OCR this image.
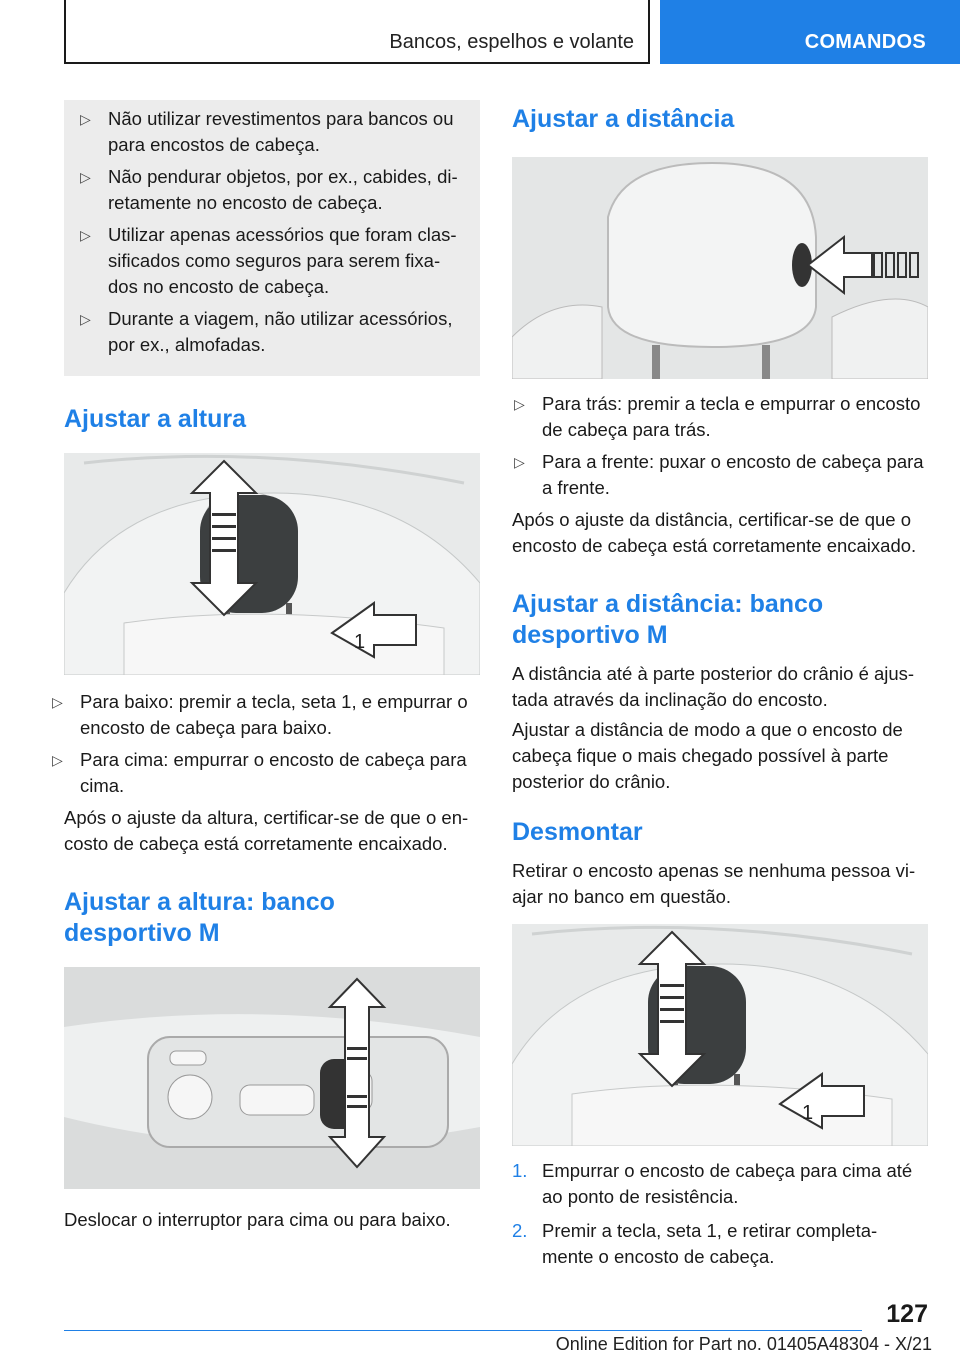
Bancos, espelhos e volante	COMANDOS
▷ Não utilizar revestimentos para bancos ou para encostos de cabeça.
▷ Não pendurar objetos, por ex., cabides, di-retamente no encosto de cabeça.
▷ Utilizar apenas acessórios que foram clas-sificados como seguros para serem fixa-dos no encosto de cabeça.
▷ Durante a viagem, não utilizar acessórios, por ex., almofadas.
Ajustar a altura
1
▷ Para baixo: premir a tecla, seta 1, e empurrar o encosto de cabeça para baixo.
▷ Para cima: empurrar o encosto de cabeça para cima.

Após o ajuste da altura, certificar-se de que o en-costo de cabeça está corretamente encaixado.

Ajustar a altura: banco desportivo M

Deslocar o interruptor para cima ou para baixo.

Ajustar a distância
▷ Para trás: premir a tecla e empurrar o encosto de cabeça para trás.
▷ Para a frente: puxar o encosto de cabeça para a frente.

Após o ajuste da distância, certificar-se de que o encosto de cabeça está corretamente encaixado.

Ajustar a distância: banco desportivo M

A distância até à parte posterior do crânio é ajus-tada através da inclinação do encosto.

Ajustar a distância de modo a que o encosto de cabeça fique o mais chegado possível à parte posterior do crânio.

Desmontar

Retirar o encosto apenas se nenhuma pessoa vi-ajar no banco em questão.

1
1. Empurrar o encosto de cabeça para cima até ao ponto de resistência.
2. Premir a tecla, seta 1, e retirar completa-mente o encosto de cabeça.
127
Online Edition for Part no. 01405A48304 - X/21
